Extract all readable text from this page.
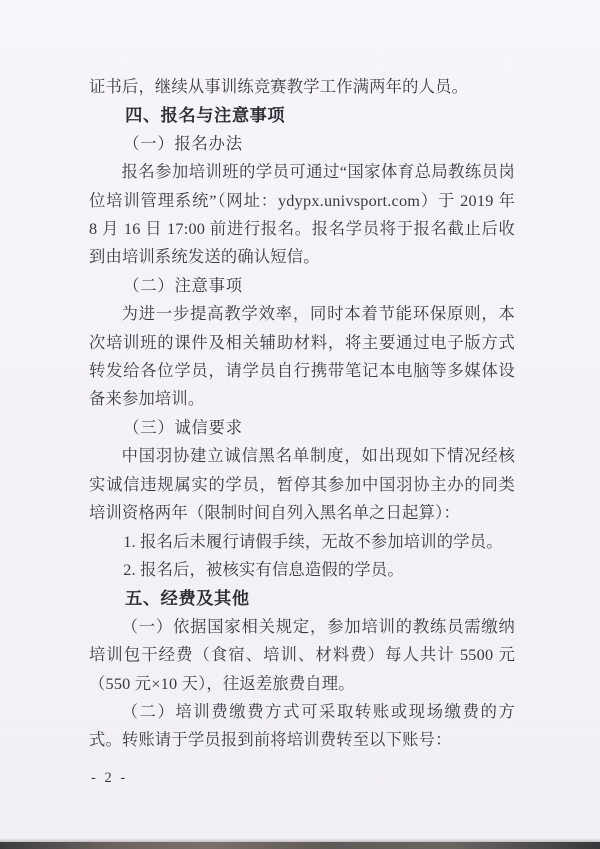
证书后，继续从事训练竞赛教学工作满两年的人员。

四、报名与注意事项

（一）报名办法

报名参加培训班的学员可通过“国家体育总局教练员岗位培训管理系统”（网址：ydypx.univsport.com）于 2019 年 8 月 16 日 17:00 前进行报名。报名学员将于报名截止后收到由培训系统发送的确认短信。

（二）注意事项

为进一步提高教学效率，同时本着节能环保原则，本次培训班的课件及相关辅助材料，将主要通过电子版方式转发给各位学员，请学员自行携带笔记本电脑等多媒体设备来参加培训。

（三）诚信要求

中国羽协建立诚信黑名单制度，如出现如下情况经核实诚信违规属实的学员，暂停其参加中国羽协主办的同类培训资格两年（限制时间自列入黑名单之日起算）：

1. 报名后未履行请假手续，无故不参加培训的学员。

2. 报名后，被核实有信息造假的学员。

五、经费及其他

（一）依据国家相关规定，参加培训的教练员需缴纳培训包干经费（食宿、培训、材料费）每人共计 5500 元（550 元×10 天），往返差旅费自理。

（二）培训费缴费方式可采取转账或现场缴费的方式。转账请于学员报到前将培训费转至以下账号：

- 2 -
